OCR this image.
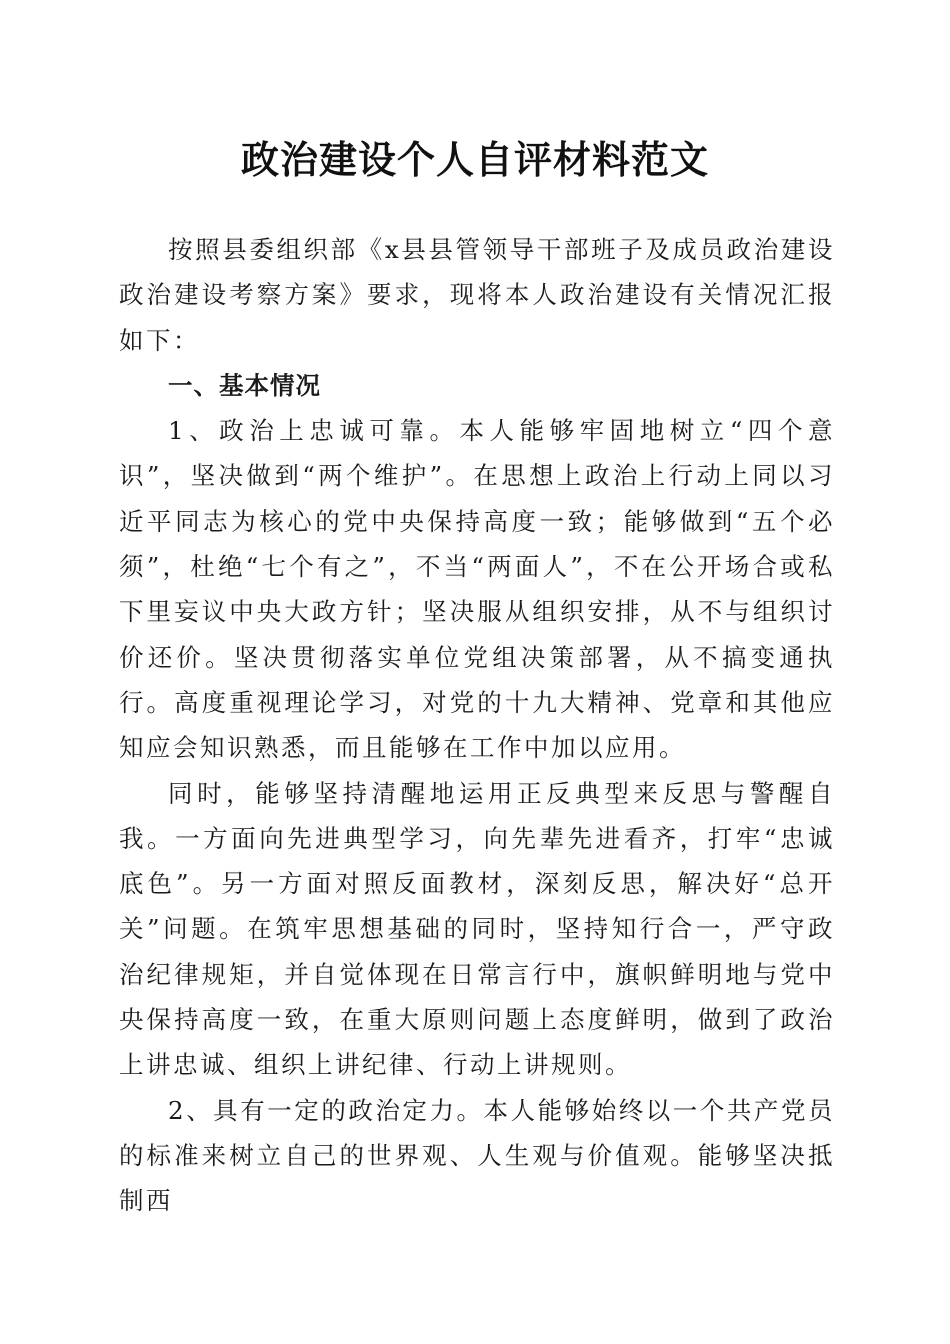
政治建设个人自评材料范文

按照县委组织部《x县县管领导干部班子及成员政治建设政治建设考察方案》要求，现将本人政治建设有关情况汇报如下：

一、基本情况

1、政治上忠诚可靠。本人能够牢固地树立“四个意识”，坚决做到“两个维护”。在思想上政治上行动上同以习近平同志为核心的党中央保持高度一致；能够做到“五个必须”，杜绝“七个有之”，不当“两面人”，不在公开场合或私下里妄议中央大政方针；坚决服从组织安排，从不与组织讨价还价。坚决贯彻落实单位党组决策部署，从不搞变通执行。高度重视理论学习，对党的十九大精神、党章和其他应知应会知识熟悉，而且能够在工作中加以应用。

同时，能够坚持清醒地运用正反典型来反思与警醒自我。一方面向先进典型学习，向先辈先进看齐，打牢“忠诚底色”。另一方面对照反面教材，深刻反思，解决好“总开关”问题。在筑牢思想基础的同时，坚持知行合一，严守政治纪律规矩，并自觉体现在日常言行中，旗帜鲜明地与党中央保持高度一致，在重大原则问题上态度鲜明，做到了政治上讲忠诚、组织上讲纪律、行动上讲规则。

2、具有一定的政治定力。本人能够始终以一个共产党员的标准来树立自己的世界观、人生观与价值观。能够坚决抵制西
